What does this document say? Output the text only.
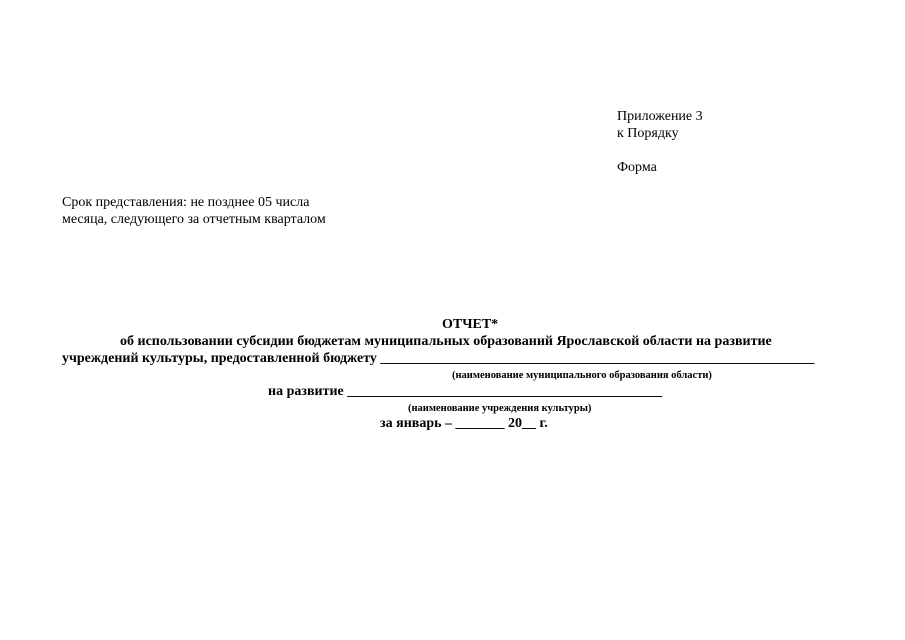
Приложение 3
к Порядку
Форма
Срок представления: не позднее 05 числа
месяца, следующего за отчетным кварталом
ОТЧЕТ*
об использовании субсидии бюджетам муниципальных образований Ярославской области на развитие
учреждений культуры, предоставленной бюджету ______________________________________________________________
(наименование муниципального образования области)
на развитие _____________________________________________
(наименование учреждения культуры)
за январь – _______ 20__ г.
